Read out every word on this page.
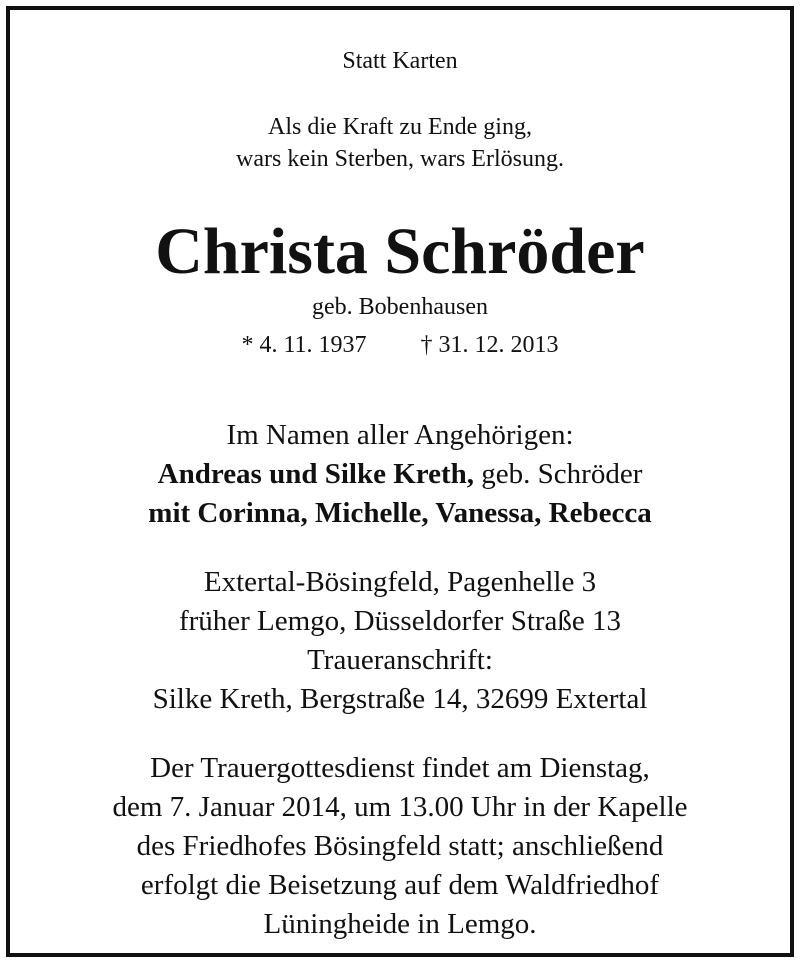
Statt Karten
Als die Kraft zu Ende ging,
wars kein Sterben, wars Erlösung.
Christa Schröder
geb. Bobenhausen
* 4. 11. 1937 † 31. 12. 2013
Im Namen aller Angehörigen:
Andreas und Silke Kreth, geb. Schröder
mit Corinna, Michelle, Vanessa, Rebecca
Extertal-Bösingfeld, Pagenhelle 3
früher Lemgo, Düsseldorfer Straße 13
Traueranschrift:
Silke Kreth, Bergstraße 14, 32699 Extertal
Der Trauergottesdienst findet am Dienstag,
dem 7. Januar 2014, um 13.00 Uhr in der Kapelle
des Friedhofes Bösingfeld statt; anschließend
erfolgt die Beisetzung auf dem Waldfriedhof
Lüningheide in Lemgo.
